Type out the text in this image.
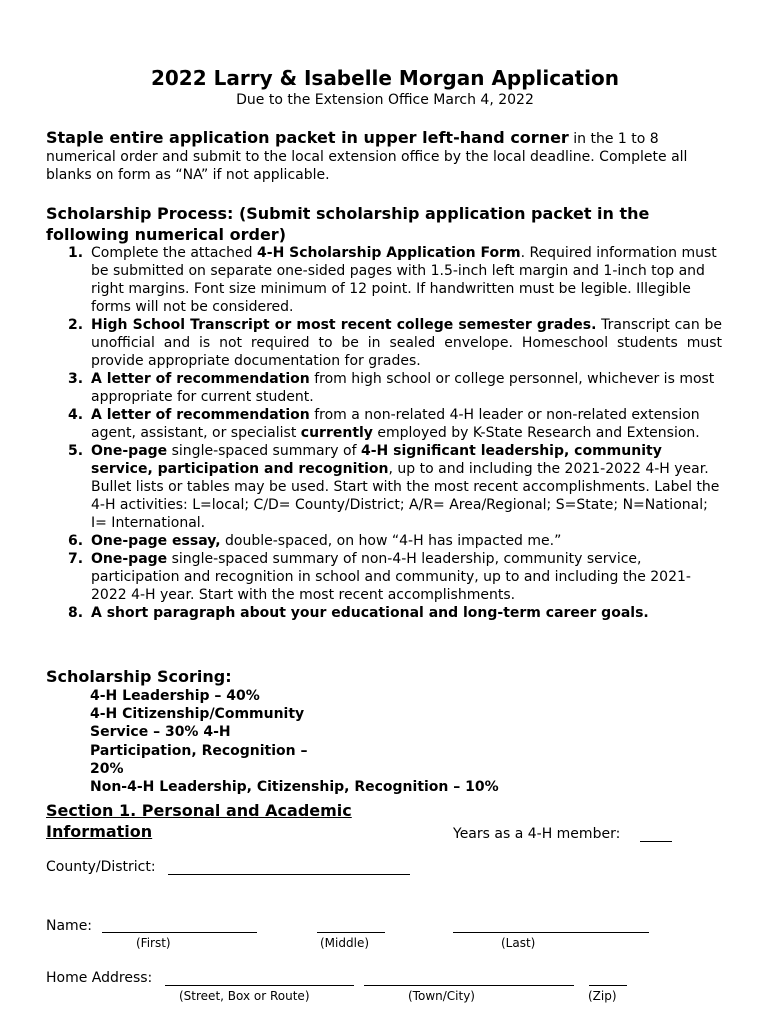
2022 Larry & Isabelle Morgan Application
Due to the Extension Office March 4, 2022
Staple entire application packet in upper left-hand corner in the 1 to 8 numerical order and submit to the local extension office by the local deadline. Complete all blanks on form as “NA” if not applicable.
Scholarship Process: (Submit scholarship application packet in the following numerical order)
1. Complete the attached 4-H Scholarship Application Form. Required information must be submitted on separate one-sided pages with 1.5-inch left margin and 1-inch top and right margins. Font size minimum of 12 point. If handwritten must be legible. Illegible forms will not be considered.
2. High School Transcript or most recent college semester grades. Transcript can be unofficial and is not required to be in sealed envelope. Homeschool students must provide appropriate documentation for grades.
3. A letter of recommendation from high school or college personnel, whichever is most appropriate for current student.
4. A letter of recommendation from a non-related 4-H leader or non-related extension agent, assistant, or specialist currently employed by K-State Research and Extension.
5. One-page single-spaced summary of 4-H significant leadership, community service, participation and recognition, up to and including the 2021-2022 4-H year. Bullet lists or tables may be used. Start with the most recent accomplishments. Label the 4-H activities: L=local; C/D= County/District; A/R= Area/Regional; S=State; N=National; I= International.
6. One-page essay, double-spaced, on how “4-H has impacted me.”
7. One-page single-spaced summary of non-4-H leadership, community service, participation and recognition in school and community, up to and including the 2021-2022 4-H year. Start with the most recent accomplishments.
8. A short paragraph about your educational and long-term career goals.
Scholarship Scoring:
4-H Leadership – 40%
4-H Citizenship/Community
Service – 30% 4-H
Participation, Recognition –
20%
Non-4-H Leadership, Citizenship, Recognition – 10%
Section 1. Personal and Academic Information	Years as a 4-H member:
County/District:
Name:
(First)	(Middle)	(Last)
Home Address:
(Street, Box or Route)	(Town/City)	(Zip)
